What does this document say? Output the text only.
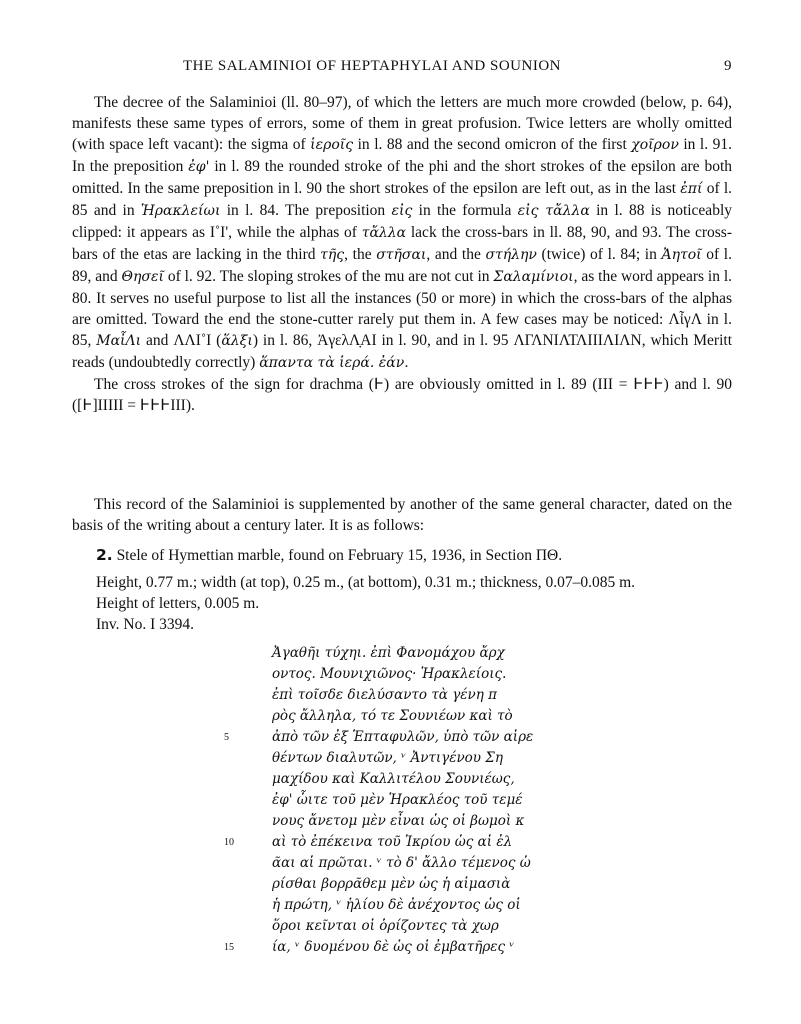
THE SALAMINIOI OF HEPTAPHYLAI AND SOUNION	9

The decree of the Salaminioi (ll. 80–97), of which the letters are much more crowded (below, p. 64), manifests these same types of errors, some of them in great profusion. Twice letters are wholly omitted (with space left vacant): the sigma of ἱεροῖς in l. 88 and the second omicron of the first χοῖρον in l. 91. In the preposition ἐφ' in l. 89 the rounded stroke of the phi and the short strokes of the epsilon are both omitted. In the same preposition in l. 90 the short strokes of the epsilon are left out, as in the last ἐπί of l. 85 and in Ἡρακλείωι in l. 84. The preposition εἰς in the formula εἰς τἄλλα in l. 88 is noticeably clipped: it appears as Ι˚Ι', while the alphas of τἄλλα lack the cross-bars in ll. 88, 90, and 93. The cross-bars of the etas are lacking in the third τῆς, the στῆσαι, and the στήλην (twice) of l. 84; in Ἀητοῖ of l. 89, and Θησεῖ of l. 92. The sloping strokes of the mu are not cut in Σαλαμίνιοι, as the word appears in l. 80. It serves no useful purpose to list all the instances (50 or more) in which the cross-bars of the alphas are omitted. Toward the end the stone-cutter rarely put them in. A few cases may be noticed: ΛἶγΛ in l. 85, ΜαἶΛι and ΛΛΙ˚Ι (ἅλξι) in l. 86, ἈγελΛ̣ΑΙ in l. 90, and in l. 95 ΛΓΛΝΙΛΤΛΙΙΙΛΙΛΝ, which Meritt reads (undoubtedly correctly) ἅπαντα τὰ ἱερά. ἐάν.

The cross strokes of the sign for drachma (Ͱ) are obviously omitted in l. 89 (ΙΙΙ = ͰͰͰ) and l. 90 ([Ͱ]ΙΙΙΙΙ = ͰͰͰΙΙΙ).

This record of the Salaminioi is supplemented by another of the same general character, dated on the basis of the writing about a century later. It is as follows:

2. Stele of Hymettian marble, found on February 15, 1936, in Section ΠΘ.

Height, 0.77 m.; width (at top), 0.25 m., (at bottom), 0.31 m.; thickness, 0.07–0.085 m.

Height of letters, 0.005 m.

Inv. No. I 3394.

Ἀγαθῆι τύχηι. ἐπὶ Φανομάχου ἄρχ
οντος. Μουνιχιῶνος· Ἡρακλείοις.
ἐπὶ τοῖσδε διελύσαντο τὰ γένη π
ρὸς ἄλληλα, τό τε Σουνιέων καὶ τὸ
5	ἀπὸ τῶν ἐξ Ἑπταφυλῶν, ὑπὸ τῶν αἱρε
θέντων διαλυτῶν, ᵛ Ἀντιγένου Ση
μαχίδου καὶ Καλλιτέλου Σουνιέως,
ἐφ' ὧιτε τοῦ μὲν Ἡρακλέος τοῦ τεμέ
νους ἄνετομ μὲν εἶναι ὡς οἱ βωμοὶ κ
10	αὶ τὸ ἐπέκεινα τοῦ Ἰκρίου ὡς αἱ ἐλ
ᾶαι αἱ πρῶται. ᵛ τὸ δ' ἄλλο τέμενος ὡ
ρίσθαι βορρᾶθεμ μὲν ὡς ἡ αἱμασιὰ
ἡ πρώτη, ᵛ ἡλίου δὲ ἀνέχοντος ὡς οἱ
ὅροι κεῖνται οἱ ὁρίζοντες τὰ χωρ
15	ία, ᵛ δυομένου δὲ ὡς οἱ ἐμβατῆρες ᵛ
